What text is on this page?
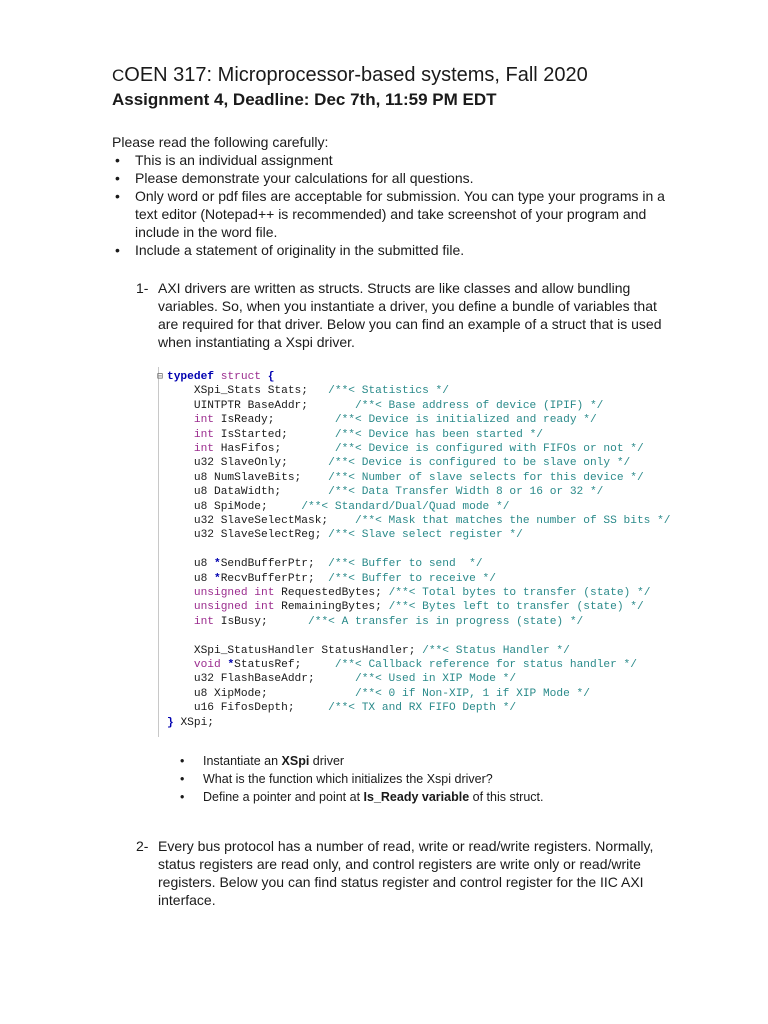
COEN 317: Microprocessor-based systems, Fall 2020
Assignment 4, Deadline: Dec 7th, 11:59 PM EDT
Please read the following carefully:
• This is an individual assignment
• Please demonstrate your calculations for all questions.
• Only word or pdf files are acceptable for submission. You can type your programs in a text editor (Notepad++ is recommended) and take screenshot of your program and include in the word file.
• Include a statement of originality in the submitted file.
1- AXI drivers are written as structs. Structs are like classes and allow bundling variables. So, when you instantiate a driver, you define a bundle of variables that are required for that driver. Below you can find an example of a struct that is used when instantiating a Xspi driver.
⊟ typedef struct {
XSpi_Stats Stats;   /**< Statistics */
UINTPTR BaseAddr;       /**< Base address of device (IPIF) */
int IsReady;         /**< Device is initialized and ready */
int IsStarted;       /**< Device has been started */
int HasFifos;        /**< Device is configured with FIFOs or not */
u32 SlaveOnly;      /**< Device is configured to be slave only */
u8 NumSlaveBits;    /**< Number of slave selects for this device */
u8 DataWidth;       /**< Data Transfer Width 8 or 16 or 32 */
u8 SpiMode;     /**< Standard/Dual/Quad mode */
u32 SlaveSelectMask;    /**< Mask that matches the number of SS bits */
u32 SlaveSelectReg; /**< Slave select register */
u8 *SendBufferPtr;  /**< Buffer to send  */
u8 *RecvBufferPtr;  /**< Buffer to receive */
unsigned int RequestedBytes; /**< Total bytes to transfer (state) */
unsigned int RemainingBytes; /**< Bytes left to transfer (state) */
int IsBusy;      /**< A transfer is in progress (state) */
XSpi_StatusHandler StatusHandler; /**< Status Handler */
void *StatusRef;     /**< Callback reference for status handler */
u32 FlashBaseAddr;      /**< Used in XIP Mode */
u8 XipMode;             /**< 0 if Non-XIP, 1 if XIP Mode */
u16 FifosDepth;     /**< TX and RX FIFO Depth */
} XSpi;
• Instantiate an XSpi driver
• What is the function which initializes the Xspi driver?
• Define a pointer and point at Is_Ready variable of this struct.
2- Every bus protocol has a number of read, write or read/write registers. Normally, status registers are read only, and control registers are write only or read/write registers. Below you can find status register and control register for the IIC AXI interface.
